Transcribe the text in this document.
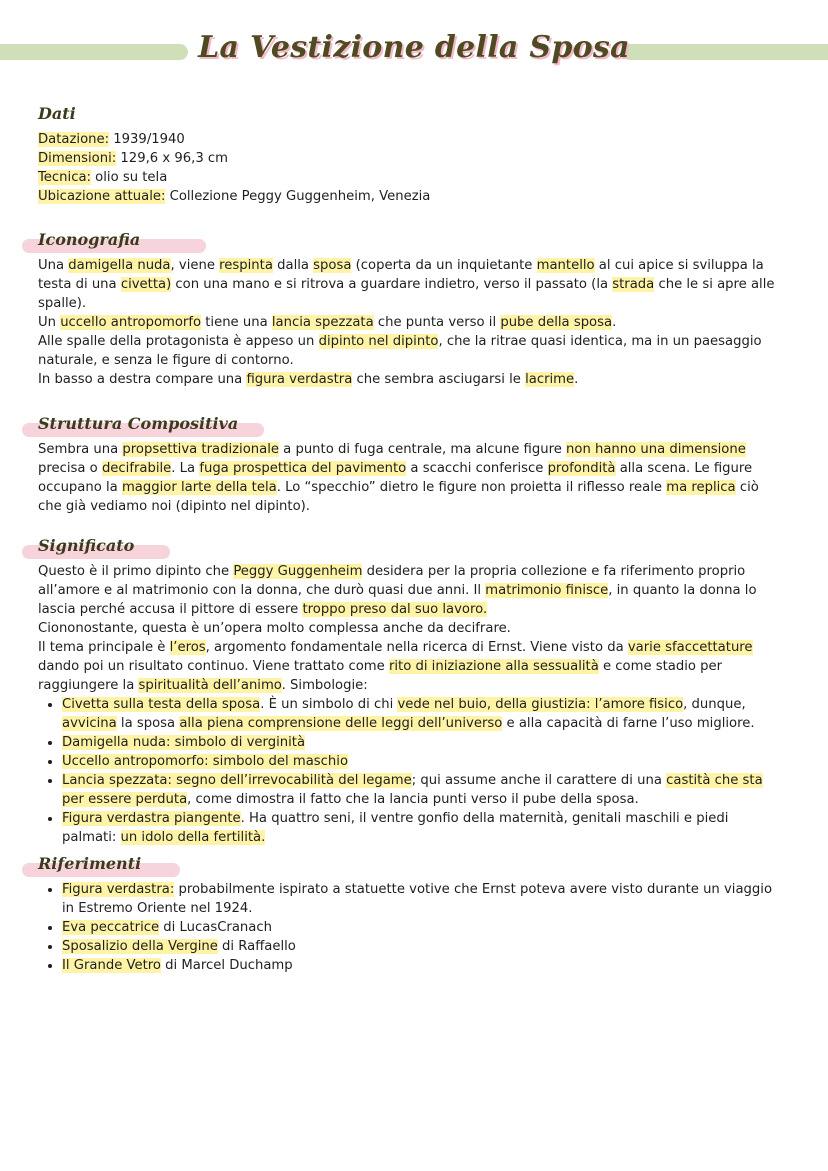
La Vestizione della Sposa
Dati

Datazione: 1939/1940

Dimensioni: 129,6 x 96,3 cm

Tecnica: olio su tela

Ubicazione attuale: Collezione Peggy Guggenheim, Venezia

Iconografia

Una damigella nuda, viene respinta dalla sposa (coperta da un inquietante mantello al cui apice si sviluppa la testa di una civetta) con una mano e si ritrova a guardare indietro, verso il passato (la strada che le si apre alle spalle).

Un uccello antropomorfo tiene una lancia spezzata che punta verso il pube della sposa.

Alle spalle della protagonista è appeso un dipinto nel dipinto, che la ritrae quasi identica, ma in un paesaggio naturale, e senza le figure di contorno.

In basso a destra compare una figura verdastra che sembra asciugarsi le lacrime.

Struttura Compositiva

Sembra una propsettiva tradizionale a punto di fuga centrale, ma alcune figure non hanno una dimensione precisa o decifrabile. La fuga prospettica del pavimento a scacchi conferisce profondità alla scena. Le figure occupano la maggior larte della tela. Lo “specchio” dietro le figure non proietta il riflesso reale ma replica ciò che già vediamo noi (dipinto nel dipinto).

Significato

Questo è il primo dipinto che Peggy Guggenheim desidera per la propria collezione e fa riferimento proprio all’amore e al matrimonio con la donna, che durò quasi due anni. Il matrimonio finisce, in quanto la donna lo lascia perché accusa il pittore di essere troppo preso dal suo lavoro.

Ciononostante, questa è un’opera molto complessa anche da decifrare.

Il tema principale è l’eros, argomento fondamentale nella ricerca di Ernst. Viene visto da varie sfaccettature dando poi un risultato continuo. Viene trattato come rito di iniziazione alla sessualità e come stadio per raggiungere la spiritualità dell’animo. Simbologie:

• Civetta sulla testa della sposa. È un simbolo di chi vede nel buio, della giustizia: l’amore fisico, dunque, avvicina la sposa alla piena comprensione delle leggi dell’universo e alla capacità di farne l’uso migliore.
• Damigella nuda: simbolo di verginità
• Uccello antropomorfo: simbolo del maschio
• Lancia spezzata: segno dell’irrevocabilità del legame; qui assume anche il carattere di una castità che sta per essere perduta, come dimostra il fatto che la lancia punti verso il pube della sposa.
• Figura verdastra piangente. Ha quattro seni, il ventre gonfio della maternità, genitali maschili e piedi palmati: un idolo della fertilità.
Riferimenti
• Figura verdastra: probabilmente ispirato a statuette votive che Ernst poteva avere visto durante un viaggio in Estremo Oriente nel 1924.
• Eva peccatrice di LucasCranach
• Sposalizio della Vergine di Raffaello
• Il Grande Vetro di Marcel Duchamp
